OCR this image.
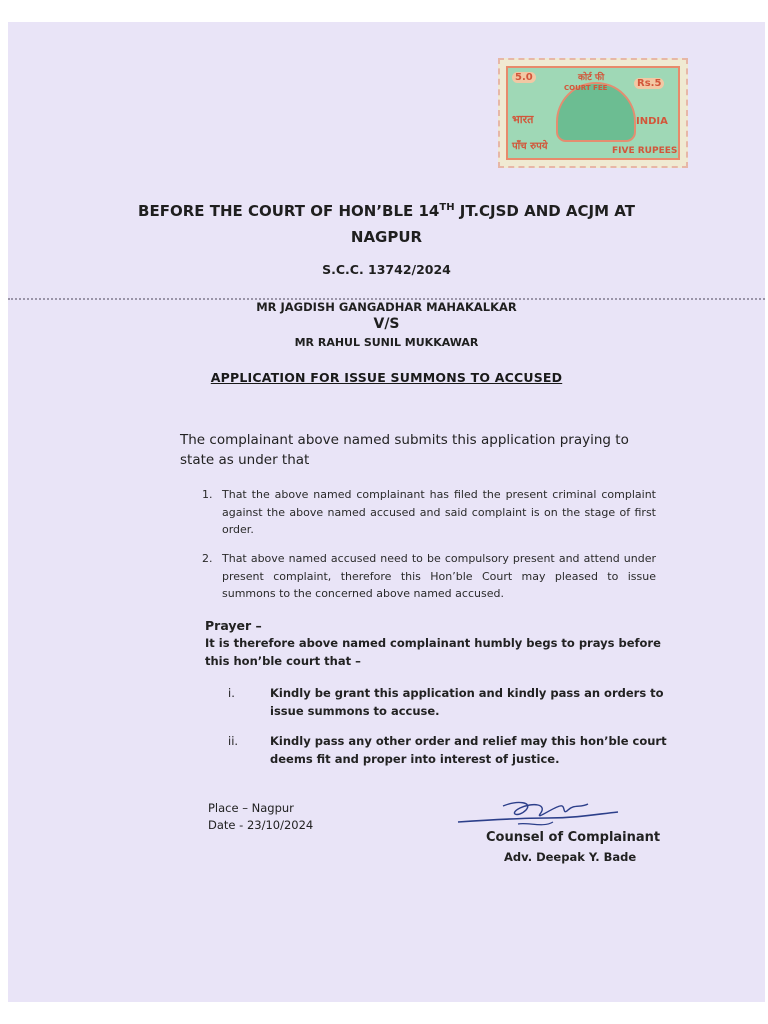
5.0	कोर्ट फी	Rs.5
COURT FEE
भारत	INDIA
पाँच रुपये	FIVE RUPEES
BEFORE THE COURT OF HON’BLE 14TH JT.CJSD AND ACJM AT
NAGPUR
S.C.C. 13742/2024
MR JAGDISH GANGADHAR MAHAKALKAR
V/S
MR RAHUL SUNIL MUKKAWAR
APPLICATION FOR ISSUE SUMMONS TO ACCUSED
The complainant above named submits this application praying to state as under that
1. That the above named complainant has filed the present criminal complaint against the above named accused and said complaint is on the stage of first order.
2. That above named accused need to be compulsory present and attend under present complaint, therefore this Hon’ble Court may pleased to issue summons to the concerned above named accused.
Prayer –
It is therefore above named complainant humbly begs to prays before this hon’ble court that –
i.	Kindly be grant this application and kindly pass an orders to issue summons to accuse.
ii.	Kindly pass any other order and relief may this hon’ble court deems fit and proper into interest of justice.
Place – Nagpur
Date - 23/10/2024
Counsel of Complainant
Adv. Deepak Y. Bade
